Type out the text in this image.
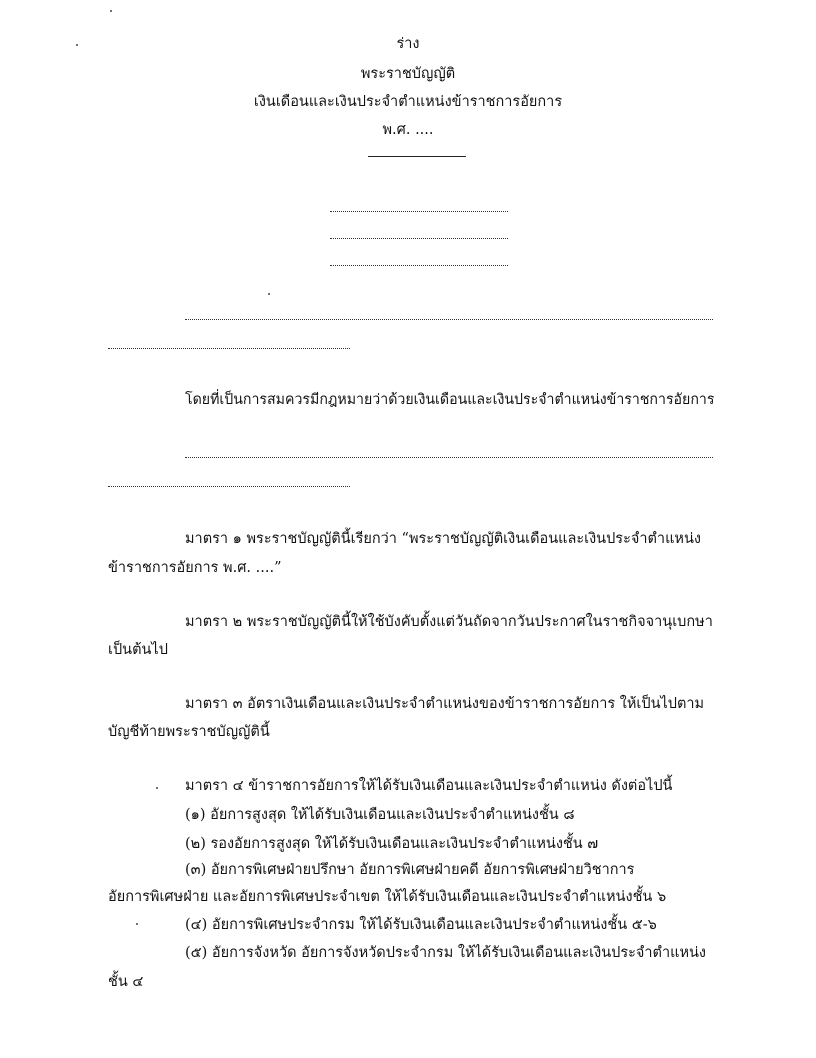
ร่าง
พระราชบัญญัติ
เงินเดือนและเงินประจำตำแหน่งข้าราชการอัยการ
พ.ศ. ....
โดยที่เป็นการสมควรมีกฎหมายว่าด้วยเงินเดือนและเงินประจำตำแหน่งข้าราชการอัยการ
มาตรา ๑ พระราชบัญญัตินี้เรียกว่า “พระราชบัญญัติเงินเดือนและเงินประจำตำแหน่ง
ข้าราชการอัยการ พ.ศ. ....”
มาตรา ๒ พระราชบัญญัตินี้ให้ใช้บังคับตั้งแต่วันถัดจากวันประกาศในราชกิจจานุเบกษา
เป็นต้นไป
มาตรา ๓ อัตราเงินเดือนและเงินประจำตำแหน่งของข้าราชการอัยการ ให้เป็นไปตาม
บัญชีท้ายพระราชบัญญัตินี้
มาตรา ๔ ข้าราชการอัยการให้ได้รับเงินเดือนและเงินประจำตำแหน่ง ดังต่อไปนี้
(๑) อัยการสูงสุด ให้ได้รับเงินเดือนและเงินประจำตำแหน่งชั้น ๘
(๒) รองอัยการสูงสุด ให้ได้รับเงินเดือนและเงินประจำตำแหน่งชั้น ๗
(๓) อัยการพิเศษฝ่ายปรึกษา อัยการพิเศษฝ่ายคดี อัยการพิเศษฝ่ายวิชาการ
อัยการพิเศษฝ่าย และอัยการพิเศษประจำเขต ให้ได้รับเงินเดือนและเงินประจำตำแหน่งชั้น ๖
(๔) อัยการพิเศษประจำกรม ให้ได้รับเงินเดือนและเงินประจำตำแหน่งชั้น ๕-๖
(๕) อัยการจังหวัด อัยการจังหวัดประจำกรม ให้ได้รับเงินเดือนและเงินประจำตำแหน่ง
ชั้น ๔
